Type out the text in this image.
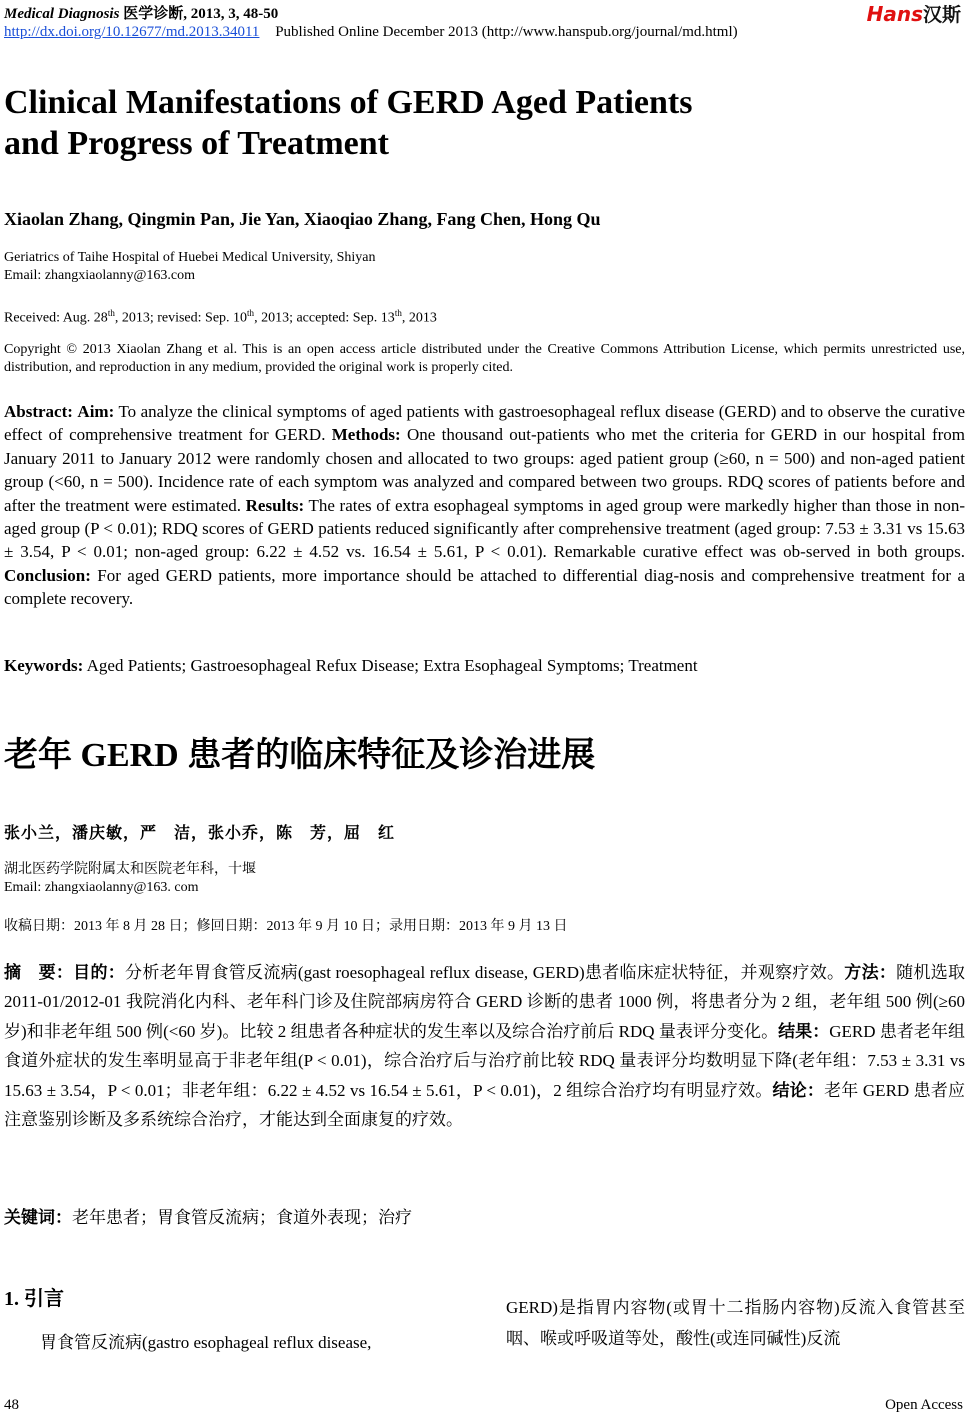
Medical Diagnosis 医学诊断, 2013, 3, 48-50	Hans汉斯
http://dx.doi.org/10.12677/md.2013.34011 Published Online December 2013 (http://www.hanspub.org/journal/md.html)
Clinical Manifestations of GERD Aged Patients
and Progress of Treatment
Xiaolan Zhang, Qingmin Pan, Jie Yan, Xiaoqiao Zhang, Fang Chen, Hong Qu
Geriatrics of Taihe Hospital of Huebei Medical University, Shiyan
Email: zhangxiaolanny@163.com
Received: Aug. 28th, 2013; revised: Sep. 10th, 2013; accepted: Sep. 13th, 2013
Copyright © 2013 Xiaolan Zhang et al. This is an open access article distributed under the Creative Commons Attribution License, which permits unrestricted use, distribution, and reproduction in any medium, provided the original work is properly cited.
Abstract: Aim: To analyze the clinical symptoms of aged patients with gastroesophageal reflux disease (GERD) and to observe the curative effect of comprehensive treatment for GERD. Methods: One thousand out-patients who met the criteria for GERD in our hospital from January 2011 to January 2012 were randomly chosen and allocated to two groups: aged patient group (≥60, n = 500) and non-aged patient group (<60, n = 500). Incidence rate of each symptom was analyzed and compared between two groups. RDQ scores of patients before and after the treatment were estimated. Results: The rates of extra esophageal symptoms in aged group were markedly higher than those in non-aged group (P < 0.01); RDQ scores of GERD patients reduced significantly after comprehensive treatment (aged group: 7.53 ± 3.31 vs 15.63 ± 3.54, P < 0.01; non-aged group: 6.22 ± 4.52 vs. 16.54 ± 5.61, P < 0.01). Remarkable curative effect was ob-served in both groups. Conclusion: For aged GERD patients, more importance should be attached to differential diag-nosis and comprehensive treatment for a complete recovery.
Keywords: Aged Patients; Gastroesophageal Refux Disease; Extra Esophageal Symptoms; Treatment
老年 GERD 患者的临床特征及诊治进展
张小兰，潘庆敏，严　洁，张小乔，陈　芳，屈　红
湖北医药学院附属太和医院老年科，十堰
Email: zhangxiaolanny@163. com
收稿日期：2013 年 8 月 28 日；修回日期：2013 年 9 月 10 日；录用日期：2013 年 9 月 13 日
摘　要：目的：分析老年胃食管反流病(gast roesophageal reflux disease, GERD)患者临床症状特征，并观察疗效。方法：随机选取 2011-01/2012-01 我院消化内科、老年科门诊及住院部病房符合 GERD 诊断的患者 1000 例，将患者分为 2 组，老年组 500 例(≥60 岁)和非老年组 500 例(<60 岁)。比较 2 组患者各种症状的发生率以及综合治疗前后 RDQ 量表评分变化。结果：GERD 患者老年组食道外症状的发生率明显高于非老年组(P < 0.01)，综合治疗后与治疗前比较 RDQ 量表评分均数明显下降(老年组：7.53 ± 3.31 vs 15.63 ± 3.54，P < 0.01；非老年组：6.22 ± 4.52 vs 16.54 ± 5.61，P < 0.01)，2 组综合治疗均有明显疗效。结论：老年 GERD 患者应注意鉴别诊断及多系统综合治疗，才能达到全面康复的疗效。
关键词：老年患者；胃食管反流病；食道外表现；治疗
1. 引言
胃食管反流病(gastro esophageal reflux disease,
GERD)是指胃内容物(或胃十二指肠内容物)反流入食管甚至咽、喉或呼吸道等处，酸性(或连同碱性)反流
48	Open Access
